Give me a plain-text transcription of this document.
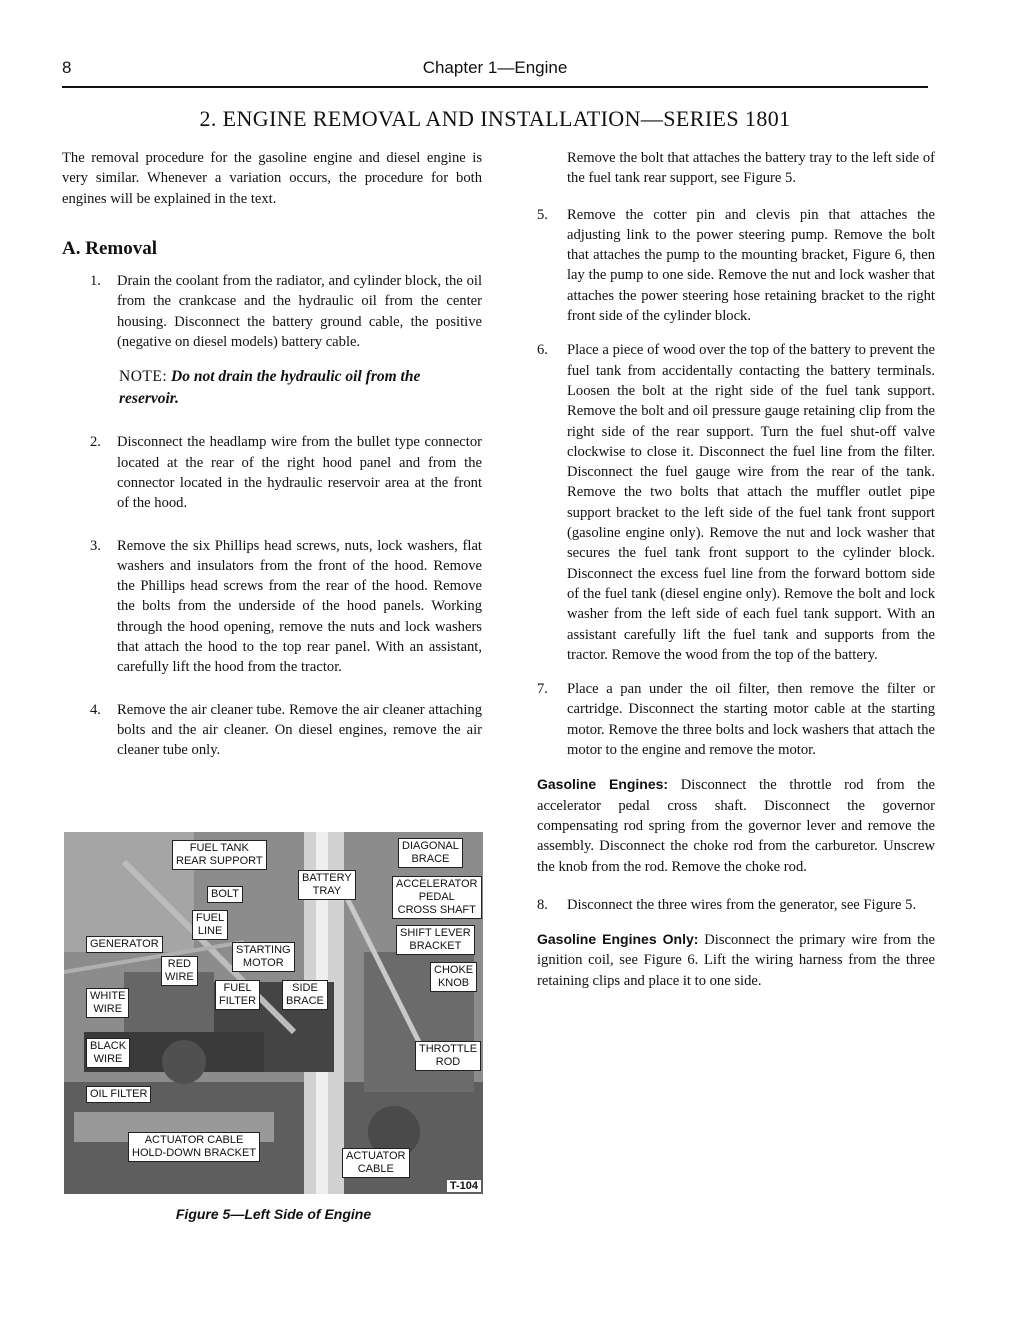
8	Chapter 1—Engine
2. ENGINE REMOVAL AND INSTALLATION—SERIES 1801

The removal procedure for the gasoline engine and diesel engine is very similar. Whenever a variation occurs, the procedure for both engines will be explained in the text.

A. Removal
1.	Drain the coolant from the radiator, and cylinder block, the oil from the crankcase and the hydraulic oil from the center housing. Disconnect the battery ground cable, the positive (negative on diesel models) battery cable.
NOTE: Do not drain the hydraulic oil from the reservoir.
2.	Disconnect the headlamp wire from the bullet type connector located at the rear of the right hood panel and from the connector located in the hydraulic reservoir area at the front of the hood.
3.	Remove the six Phillips head screws, nuts, lock washers, flat washers and insulators from the front of the hood. Remove the Phillips head screws from the rear of the hood. Remove the bolts from the underside of the hood panels. Working through the hood opening, remove the nuts and lock washers that attach the hood to the top rear panel. With an assistant, carefully lift the hood from the tractor.
4.	Remove the air cleaner tube. Remove the air cleaner attaching bolts and the air cleaner. On diesel engines, remove the air cleaner tube only.
FUEL TANK
REAR SUPPORT
BOLT
FUEL
LINE
BATTERY
TRAY
DIAGONAL
BRACE
ACCELERATOR
PEDAL
CROSS SHAFT
SHIFT LEVER
BRACKET
GENERATOR	STARTING
MOTOR
RED
WIRE
CHOKE
KNOB
WHITE
WIRE
FUEL
FILTER
SIDE
BRACE
BLACK
WIRE
THROTTLE
ROD
OIL FILTER
ACTUATOR CABLE
HOLD-DOWN BRACKET	ACTUATOR
CABLE
T-104
Figure 5—Left Side of Engine

Remove the bolt that attaches the battery tray to the left side of the fuel tank rear support, see Figure 5.

5.	Remove the cotter pin and clevis pin that attaches the adjusting link to the power steering pump. Remove the bolt that attaches the pump to the mounting bracket, Figure 6, then lay the pump to one side. Remove the nut and lock washer that attaches the power steering hose retaining bracket to the right front side of the cylinder block.
6.	Place a piece of wood over the top of the battery to prevent the fuel tank from accidentally contacting the battery terminals. Loosen the bolt at the right side of the fuel tank support. Remove the bolt and oil pressure gauge retaining clip from the right side of the rear support. Turn the fuel shut-off valve clockwise to close it. Disconnect the fuel line from the filter. Disconnect the fuel gauge wire from the rear of the tank. Remove the two bolts that attach the muffler outlet pipe support bracket to the left side of the fuel tank front support (gasoline engine only). Remove the nut and lock washer that secures the fuel tank front support to the cylinder block. Disconnect the excess fuel line from the forward bottom side of the fuel tank (diesel engine only). Remove the bolt and lock washer from the left side of each fuel tank support. With an assistant carefully lift the fuel tank and supports from the tractor. Remove the wood from the top of the battery.
7.	Place a pan under the oil filter, then remove the filter or cartridge. Disconnect the starting motor cable at the starting motor. Remove the three bolts and lock washers that attach the motor to the engine and remove the motor.

Gasoline Engines: Disconnect the throttle rod from the accelerator pedal cross shaft. Disconnect the governor compensating rod spring from the governor lever and remove the assembly. Disconnect the choke rod from the carburetor. Unscrew the knob from the rod. Remove the choke rod.

8.	Disconnect the three wires from the generator, see Figure 5.

Gasoline Engines Only: Disconnect the primary wire from the ignition coil, see Figure 6. Lift the wiring harness from the three retaining clips and place it to one side.
